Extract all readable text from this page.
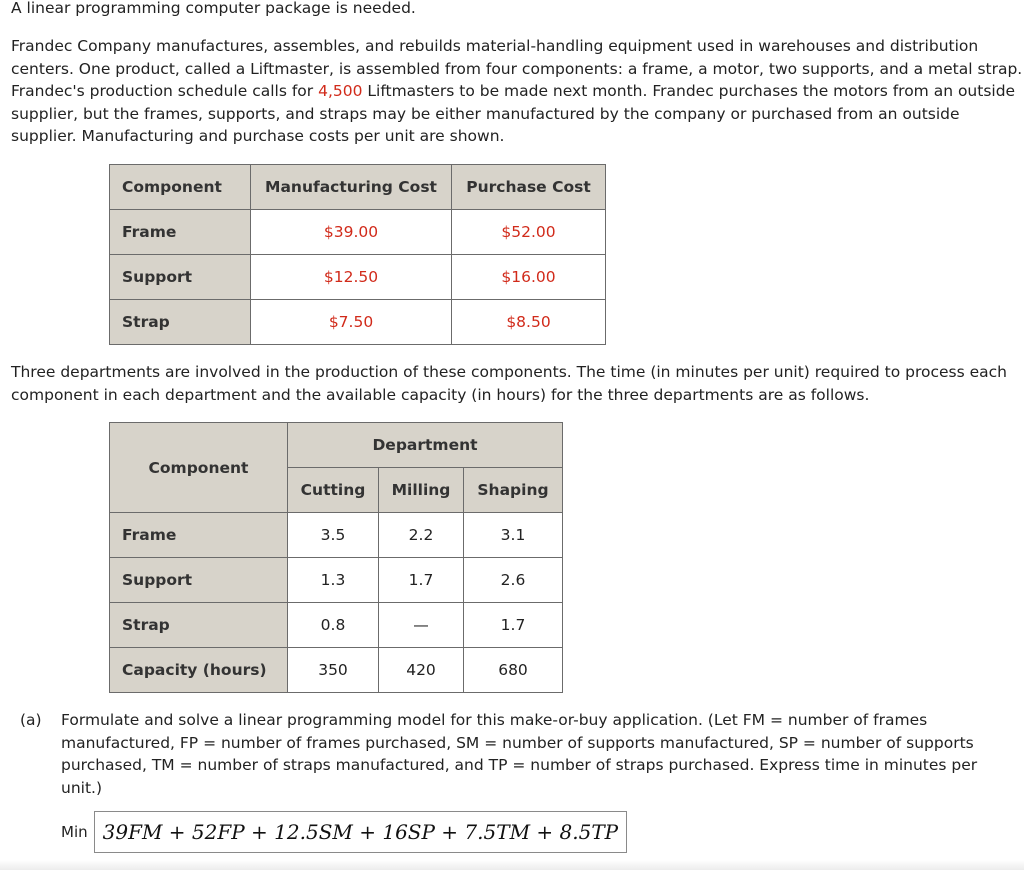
A linear programming computer package is needed.

Frandec Company manufactures, assembles, and rebuilds material-handling equipment used in warehouses and distribution centers. One product, called a Liftmaster, is assembled from four components: a frame, a motor, two supports, and a metal strap. Frandec's production schedule calls for 4,500 Liftmasters to be made next month. Frandec purchases the motors from an outside supplier, but the frames, supports, and straps may be either manufactured by the company or purchased from an outside supplier. Manufacturing and purchase costs per unit are shown.

Component	Manufacturing Cost	Purchase Cost
Frame	$39.00	$52.00
Support	$12.50	$16.00
Strap	$7.50	$8.50

Three departments are involved in the production of these components. The time (in minutes per unit) required to process each component in each department and the available capacity (in hours) for the three departments are as follows.

Component	Department		
	Cutting	Milling	Shaping
Frame	3.5	2.2	3.1
Support	1.3	1.7	2.6
Strap	0.8	—	1.7
Capacity (hours)	350	420	680
(a) Formulate and solve a linear programming model for this make-or-buy application. (Let FM = number of frames manufactured, FP = number of frames purchased, SM = number of supports manufactured, SP = number of supports purchased, TM = number of straps manufactured, and TP = number of straps purchased. Express time in minutes per unit.)
Min 39FM + 52FP + 12.5SM + 16SP + 7.5TM + 8.5TP
